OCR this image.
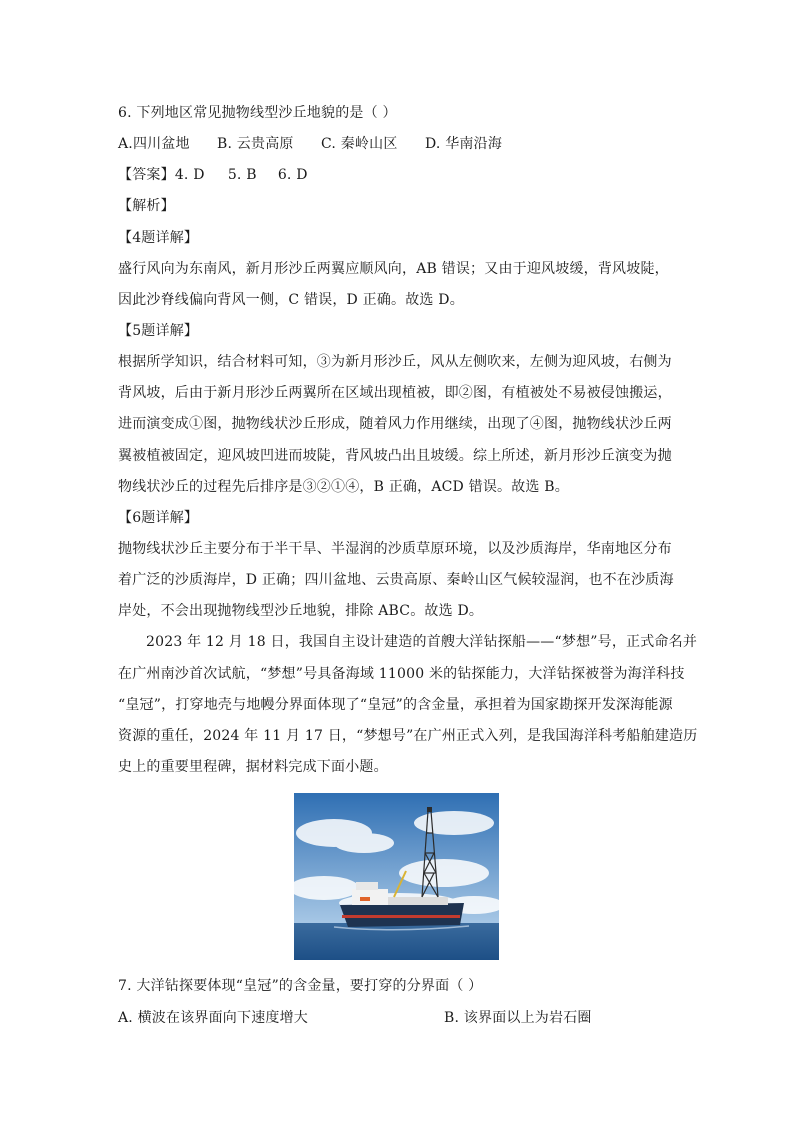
6. 下列地区常见抛物线型沙丘地貌的是（ ）
A.四川盆地 B. 云贵高原 C. 秦岭山区 D. 华南沿海
【答案】4. D 5. B 6. D
【解析】
【4题详解】
盛行风向为东南风，新月形沙丘两翼应顺风向，AB 错误；又由于迎风坡缓，背风坡陡，
因此沙脊线偏向背风一侧，C 错误，D 正确。故选 D。
【5题详解】
根据所学知识，结合材料可知，③为新月形沙丘，风从左侧吹来，左侧为迎风坡，右侧为
背风坡，后由于新月形沙丘两翼所在区域出现植被，即②图，有植被处不易被侵蚀搬运，
进而演变成①图，抛物线状沙丘形成，随着风力作用继续，出现了④图，抛物线状沙丘两
翼被植被固定，迎风坡凹进而坡陡，背风坡凸出且坡缓。综上所述，新月形沙丘演变为抛
物线状沙丘的过程先后排序是③②①④，B 正确，ACD 错误。故选 B。
【6题详解】
抛物线状沙丘主要分布于半干旱、半湿润的沙质草原环境，以及沙质海岸，华南地区分布
着广泛的沙质海岸，D 正确；四川盆地、云贵高原、秦岭山区气候较湿润，也不在沙质海
岸处，不会出现抛物线型沙丘地貌，排除 ABC。故选 D。
2023 年 12 月 18 日，我国自主设计建造的首艘大洋钻探船——“梦想”号，正式命名并
在广州南沙首次试航，“梦想”号具备海域 11000 米的钻探能力，大洋钻探被誉为海洋科技
“皇冠”，打穿地壳与地幔分界面体现了“皇冠”的含金量，承担着为国家勘探开发深海能源
资源的重任，2024 年 11 月 17 日，“梦想号”在广州正式入列，是我国海洋科考船舶建造历
史上的重要里程碑，据材料完成下面小题。
7. 大洋钻探要体现“皇冠”的含金量，要打穿的分界面（ ）
A. 横波在该界面向下速度增大	B. 该界面以上为岩石圈
